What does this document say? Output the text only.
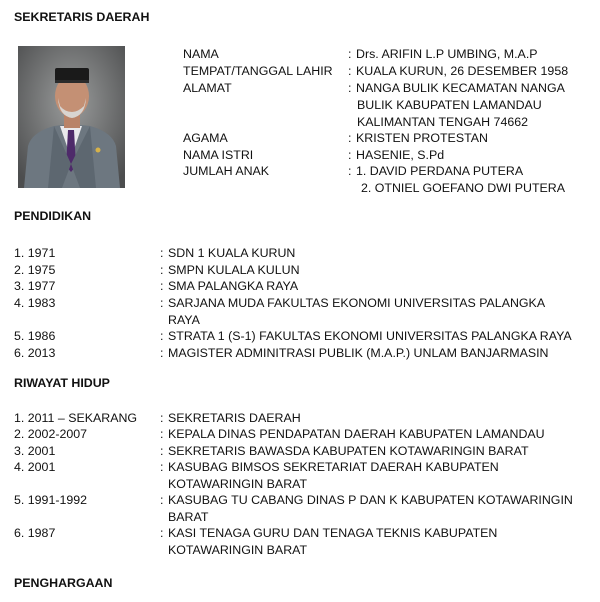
SEKRETARIS DAERAH
NAMA	: Drs. ARIFIN L.P UMBING, M.A.P
TEMPAT/TANGGAL LAHIR : KUALA KURUN, 26 DESEMBER 1958
ALAMAT	: NANGA BULIK KECAMATAN NANGA
BULIK KABUPATEN LAMANDAU
KALIMANTAN TENGAH 74662
AGAMA	: KRISTEN PROTESTAN
NAMA ISTRI	: HASENIE, S.Pd
JUMLAH ANAK	: 1. DAVID PERDANA PUTERA
2. OTNIEL GOEFANO DWI PUTERA
PENDIDIKAN
1. 1971	: SDN 1 KUALA KURUN
2. 1975	: SMPN KULALA KULUN
3. 1977	: SMA PALANGKA RAYA
4. 1983	: SARJANA MUDA FAKULTAS EKONOMI UNIVERSITAS PALANGKA RAYA
5. 1986	: STRATA 1 (S-1) FAKULTAS EKONOMI UNIVERSITAS PALANGKA RAYA
6. 2013	: MAGISTER ADMINITRASI PUBLIK (M.A.P.) UNLAM BANJARMASIN
RIWAYAT HIDUP
1. 2011 – SEKARANG : SEKRETARIS DAERAH
2. 2002-2007	: KEPALA DINAS PENDAPATAN DAERAH KABUPATEN LAMANDAU
3. 2001	: SEKRETARIS BAWASDA KABUPATEN KOTAWARINGIN BARAT
4. 2001	: KASUBAG BIMSOS SEKRETARIAT DAERAH KABUPATEN KOTAWARINGIN BARAT
5. 1991-1992	: KASUBAG TU CABANG DINAS P DAN K KABUPATEN KOTAWARINGIN BARAT
6. 1987	: KASI TENAGA GURU DAN TENAGA TEKNIS KABUPATEN KOTAWARINGIN BARAT
PENGHARGAAN
